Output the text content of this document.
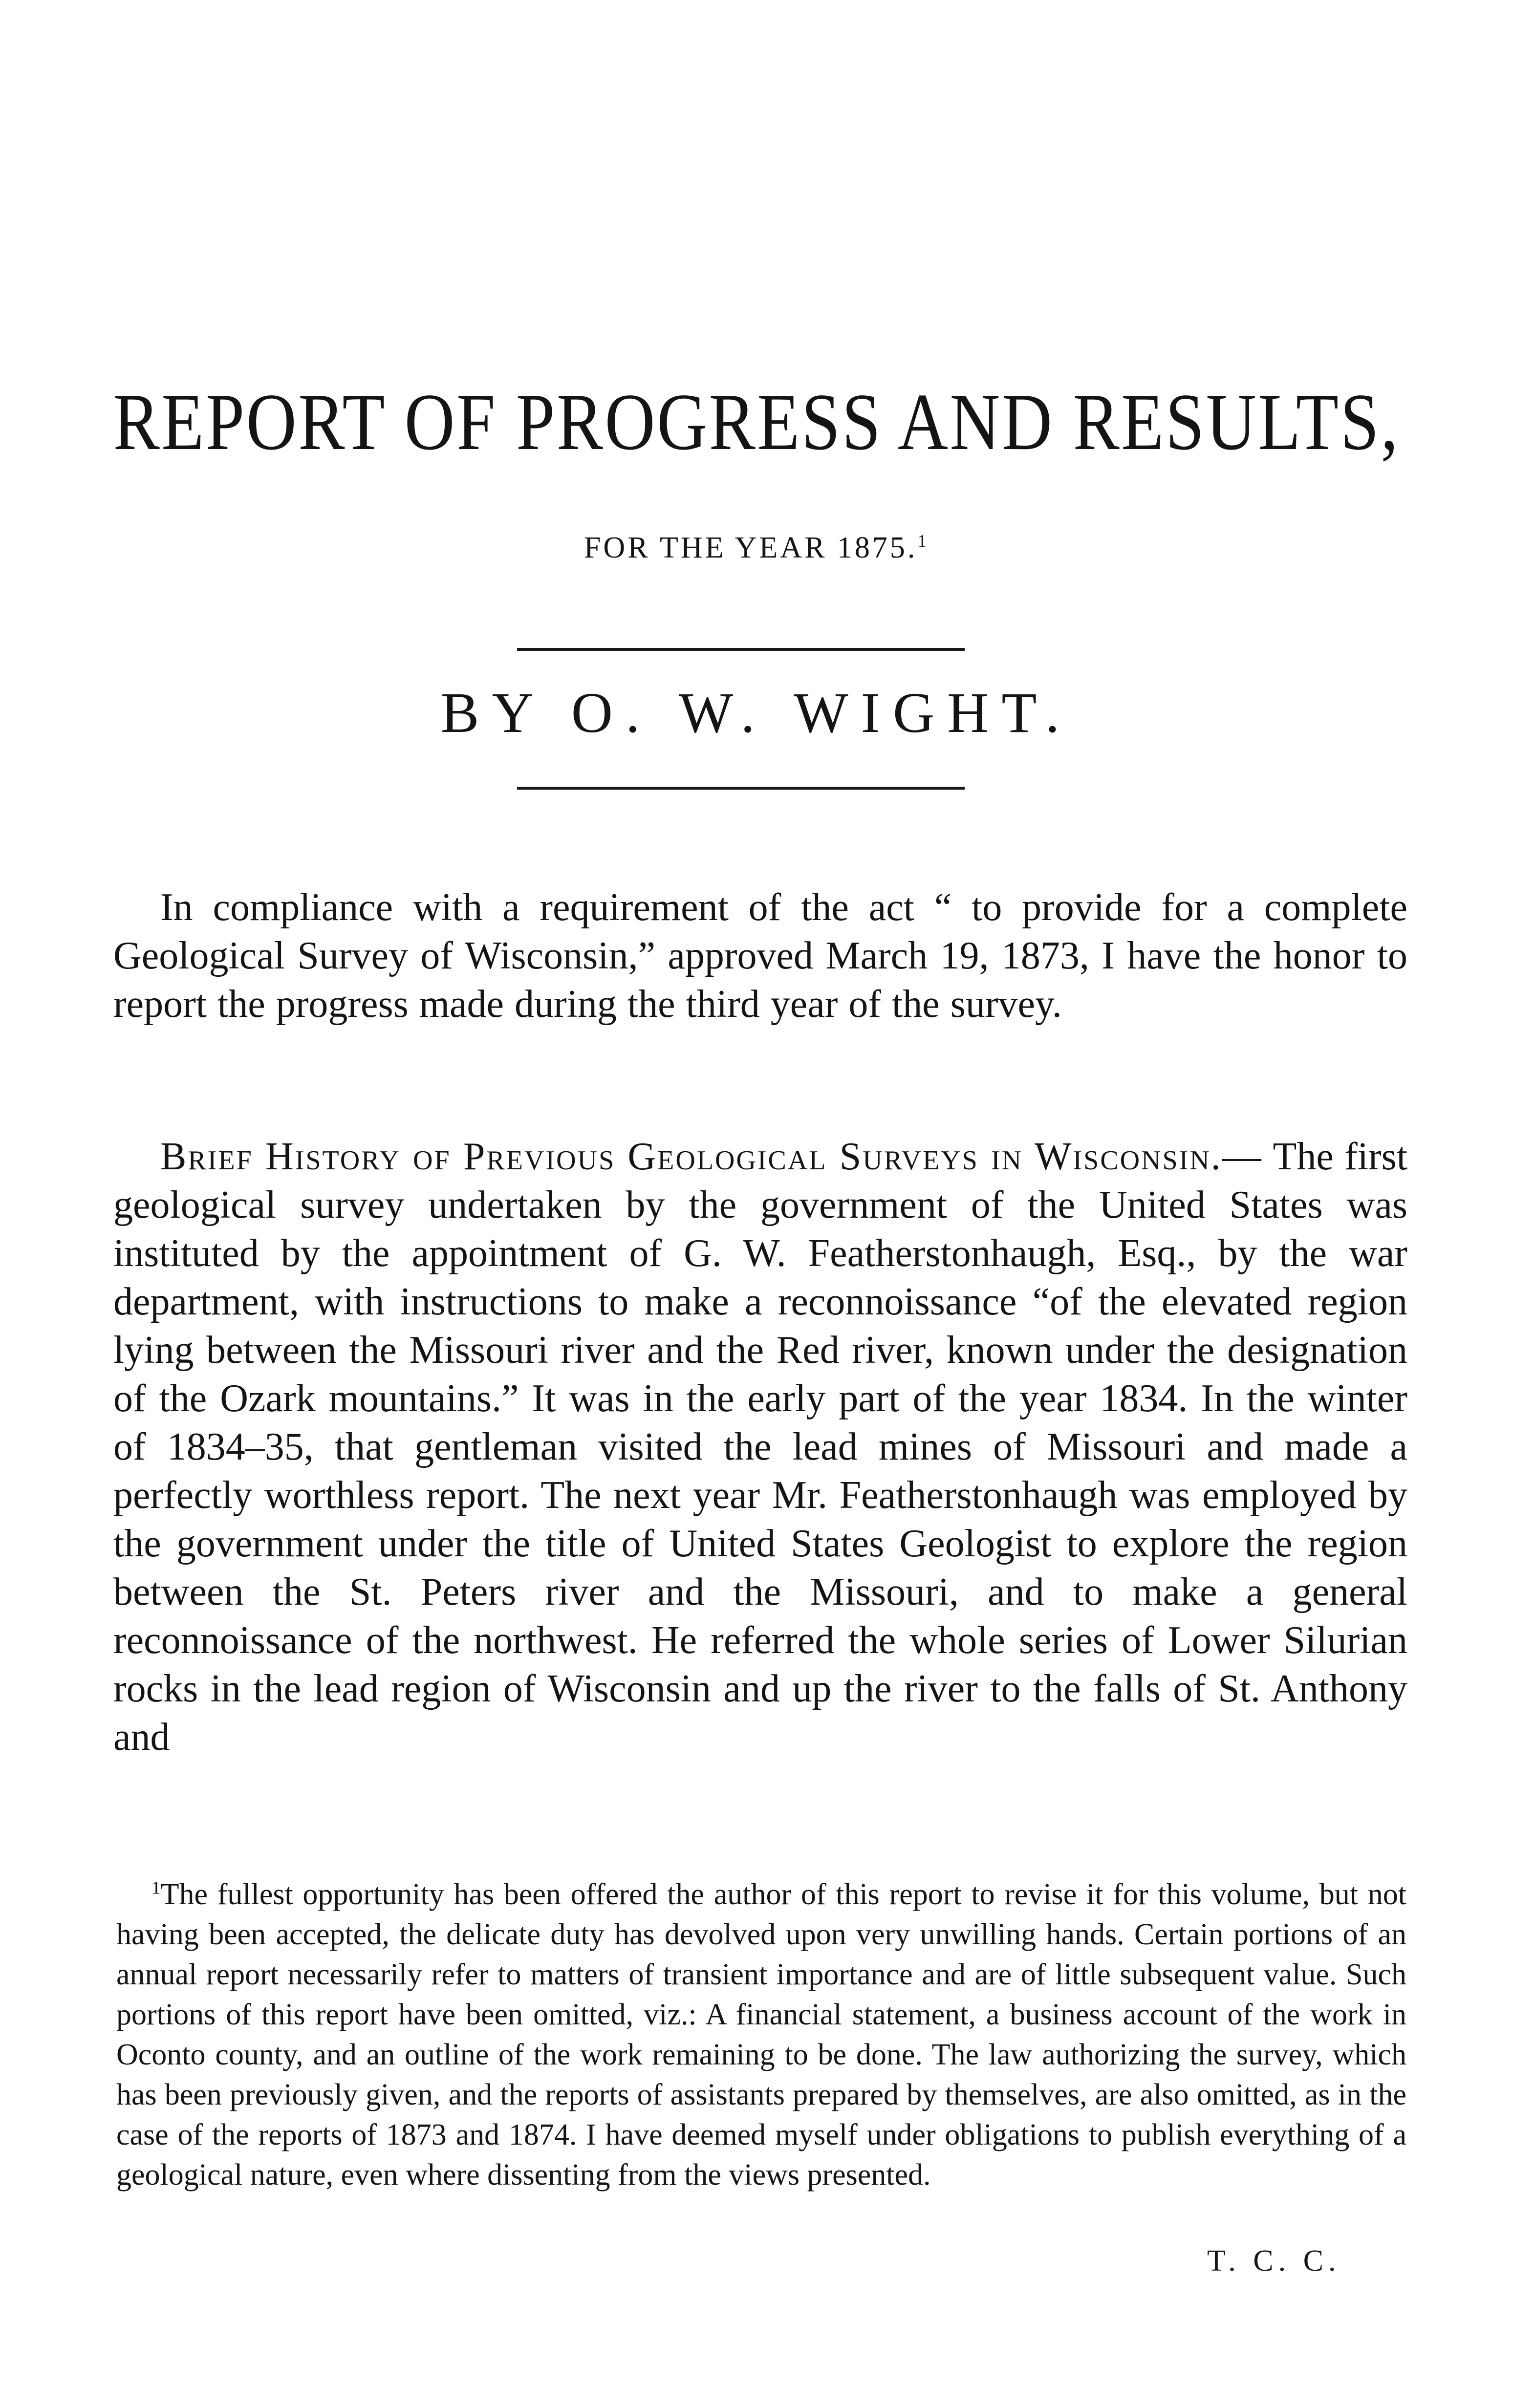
REPORT OF PROGRESS AND RESULTS,
FOR THE YEAR 1875.$^1$
BY O. W. WIGHT.

In compliance with a requirement of the act “ to provide for a complete Geological Survey of Wisconsin,” approved March 19, 1873, I have the honor to report the progress made during the third year of the survey.

Brief History of Previous Geological Surveys in Wisconsin.— The first geological survey undertaken by the government of the United States was instituted by the appointment of G. W. Featherstonhaugh, Esq., by the war department, with instructions to make a reconnoissance “of the elevated region lying between the Missouri river and the Red river, known under the designation of the Ozark mountains.” It was in the early part of the year 1834. In the winter of 1834–35, that gentleman visited the lead mines of Missouri and made a perfectly worthless report. The next year Mr. Featherstonhaugh was employed by the government under the title of United States Geologist to explore the region between the St. Peters river and the Missouri, and to make a general reconnoissance of the northwest. He referred the whole series of Lower Silurian rocks in the lead region of Wisconsin and up the river to the falls of St. Anthony and

$^1$The fullest opportunity has been offered the author of this report to revise it for this volume, but not having been accepted, the delicate duty has devolved upon very unwilling hands. Certain portions of an annual report necessarily refer to matters of transient importance and are of little subsequent value. Such portions of this report have been omitted, viz.: A financial statement, a business account of the work in Oconto county, and an outline of the work remaining to be done. The law authorizing the survey, which has been previously given, and the reports of assistants prepared by themselves, are also omitted, as in the case of the reports of 1873 and 1874. I have deemed myself under obligations to publish everything of a geological nature, even where dissenting from the views presented.

T. C. C.
